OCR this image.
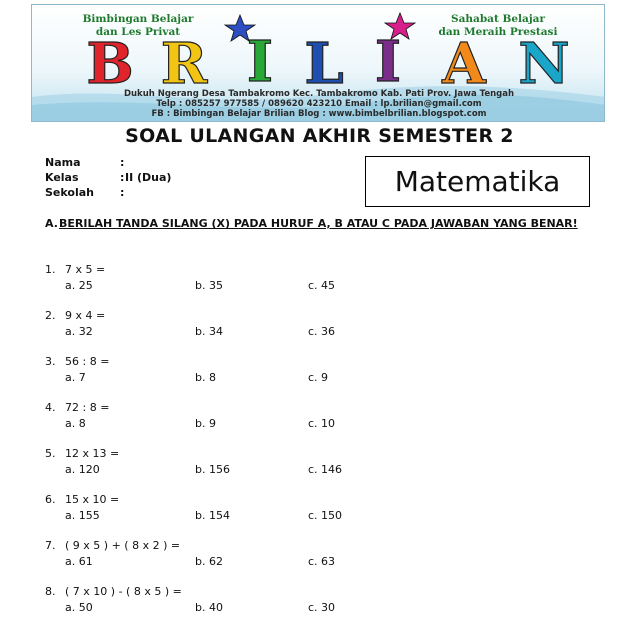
Bimbingan Belajar
dan Les Privat
Sahabat Belajar
dan Meraih Prestasi
B R I L I A N
Dukuh Ngerang Desa Tambakromo Kec. Tambakromo Kab. Pati Prov. Jawa Tengah
Telp : 085257 977585 / 089620 423210 Email : lp.brilian@gmail.com
FB : Bimbingan Belajar Brilian Blog : www.bimbelbrilian.blogspot.com
SOAL ULANGAN AKHIR SEMESTER 2
Nama	:
Kelas	: II (Dua)
Sekolah	:	Matematika
A. BERILAH TANDA SILANG (X) PADA HURUF A, B ATAU C PADA JAWABAN YANG BENAR!
1. 7 x 5 =
a. 25	b. 35	c. 45
2. 9 x 4 =
a. 32	b. 34	c. 36
3. 56 : 8 =
a. 7	b. 8	c. 9
4. 72 : 8 =
a. 8	b. 9	c. 10
5. 12 x 13 =
a. 120	b. 156	c. 146
6. 15 x 10 =
a. 155	b. 154	c. 150
7. ( 9 x 5 ) + ( 8 x 2 ) =
a. 61	b. 62	c. 63
8. ( 7 x 10 ) - ( 8 x 5 ) =
a. 50	b. 40	c. 30
